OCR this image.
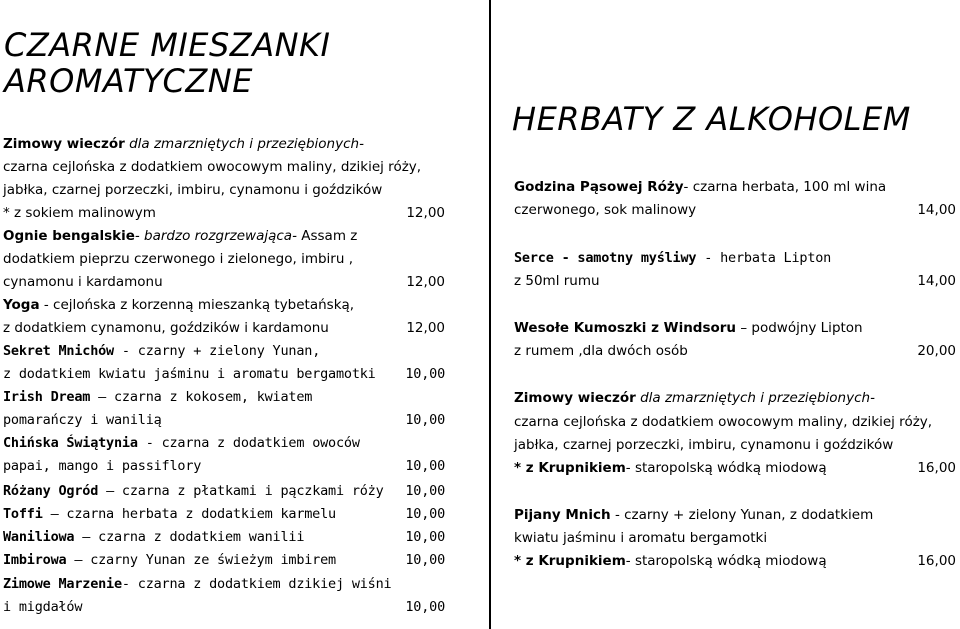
CZARNE MIESZANKI
AROMATYCZNE
Zimowy wieczór dla zmarzniętych i przeziębionych-
czarna cejlońska z dodatkiem owocowym maliny, dzikiej róży,
jabłka, czarnej porzeczki, imbiru, cynamonu i goździków
* z sokiem malinowym	12,00
Ognie bengalskie- bardzo rozgrzewająca- Assam z
dodatkiem pieprzu czerwonego i zielonego, imbiru ,
cynamonu i kardamonu	12,00
Yoga - cejlońska z korzenną mieszanką tybetańską,
z dodatkiem cynamonu, goździków i kardamonu	12,00
Sekret Mnichów - czarny + zielony Yunan,
z dodatkiem kwiatu jaśminu i aromatu bergamotki 10,00
Irish Dream – czarna z kokosem, kwiatem
pomarańczy i wanilią	10,00
Chińska Świątynia - czarna z dodatkiem owoców
papai, mango i passiflory	10,00
Różany Ogród – czarna z płatkami i pączkami róży 10,00
Toffi – czarna herbata z dodatkiem karmelu	10,00
Waniliowa – czarna z dodatkiem wanilii	10,00
Imbirowa – czarny Yunan ze świeżym imbirem	10,00
Zimowe Marzenie- czarna z dodatkiem dzikiej wiśni
i migdałów	10,00
HERBATY Z ALKOHOLEM
Godzina Pąsowej Róży- czarna herbata, 100 ml wina
czerwonego, sok malinowy	14,00
Serce - samotny myśliwy - herbata Lipton
z 50ml rumu	14,00
Wesołe Kumoszki z Windsoru – podwójny Lipton
z rumem ,dla dwóch osób	20,00
Zimowy wieczór dla zmarzniętych i przeziębionych-
czarna cejlońska z dodatkiem owocowym maliny, dzikiej róży,
jabłka, czarnej porzeczki, imbiru, cynamonu i goździków
* z Krupnikiem- staropolską wódką miodową	16,00
Pijany Mnich - czarny + zielony Yunan, z dodatkiem
kwiatu jaśminu i aromatu bergamotki
* z Krupnikiem- staropolską wódką miodową	16,00
